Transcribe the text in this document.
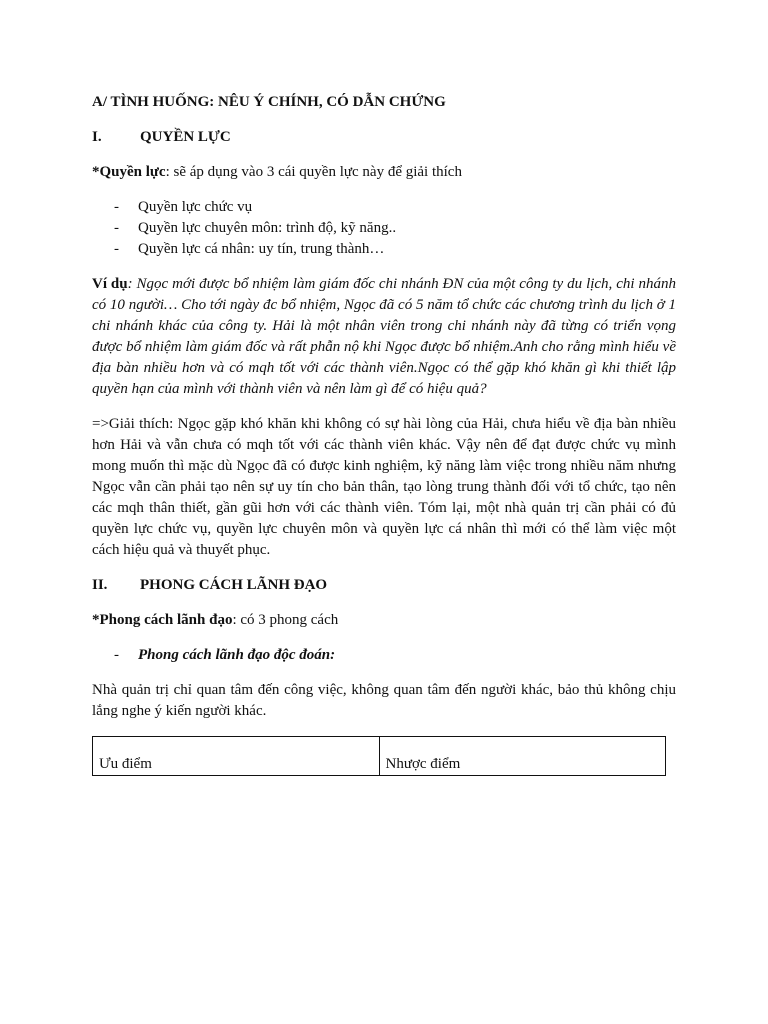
A/ TÌNH HUỐNG: NÊU Ý CHÍNH, CÓ DẪN CHỨNG
I.	QUYỀN LỰC

*Quyền lực: sẽ áp dụng vào 3 cái quyền lực này để giải thích

-	Quyền lực chức vụ
-	Quyền lực chuyên môn: trình độ, kỹ năng..
-	Quyền lực cá nhân: uy tín, trung thành…

Ví dụ: Ngọc mới được bổ nhiệm làm giám đốc chi nhánh ĐN của một công ty du lịch, chi nhánh có 10 người… Cho tới ngày đc bổ nhiệm, Ngọc đã có 5 năm tổ chức các chương trình du lịch ở 1 chi nhánh khác của công ty. Hải là một nhân viên trong chi nhánh này đã từng có triển vọng được bổ nhiệm làm giám đốc và rất phẫn nộ khi Ngọc được bổ nhiệm.Anh cho rằng mình hiểu về địa bàn nhiều hơn và có mqh tốt với các thành viên.Ngọc có thể gặp khó khăn gì khi thiết lập quyền hạn của mình với thành viên và nên làm gì để có hiệu quả?

=>Giải thích: Ngọc gặp khó khăn khi không có sự hài lòng của Hải, chưa hiểu về địa bàn nhiều hơn Hải và vẫn chưa có mqh tốt với các thành viên khác. Vậy nên để đạt được chức vụ mình mong muốn thì mặc dù Ngọc đã có được kinh nghiệm, kỹ năng làm việc trong nhiều năm nhưng Ngọc vẫn cần phải tạo nên sự uy tín cho bản thân, tạo lòng trung thành đối với tổ chức, tạo nên các mqh thân thiết, gần gũi hơn với các thành viên. Tóm lại, một nhà quản trị cần phải có đủ quyền lực chức vụ, quyền lực chuyên môn và quyền lực cá nhân thì mới có thể làm việc một cách hiệu quả và thuyết phục.

II.	PHONG CÁCH LÃNH ĐẠO

*Phong cách lãnh đạo: có 3 phong cách

-	Phong cách lãnh đạo độc đoán:

Nhà quản trị chỉ quan tâm đến công việc, không quan tâm đến người khác, bảo thủ không chịu lắng nghe ý kiến người khác.

Ưu điểm	Nhược điểm
